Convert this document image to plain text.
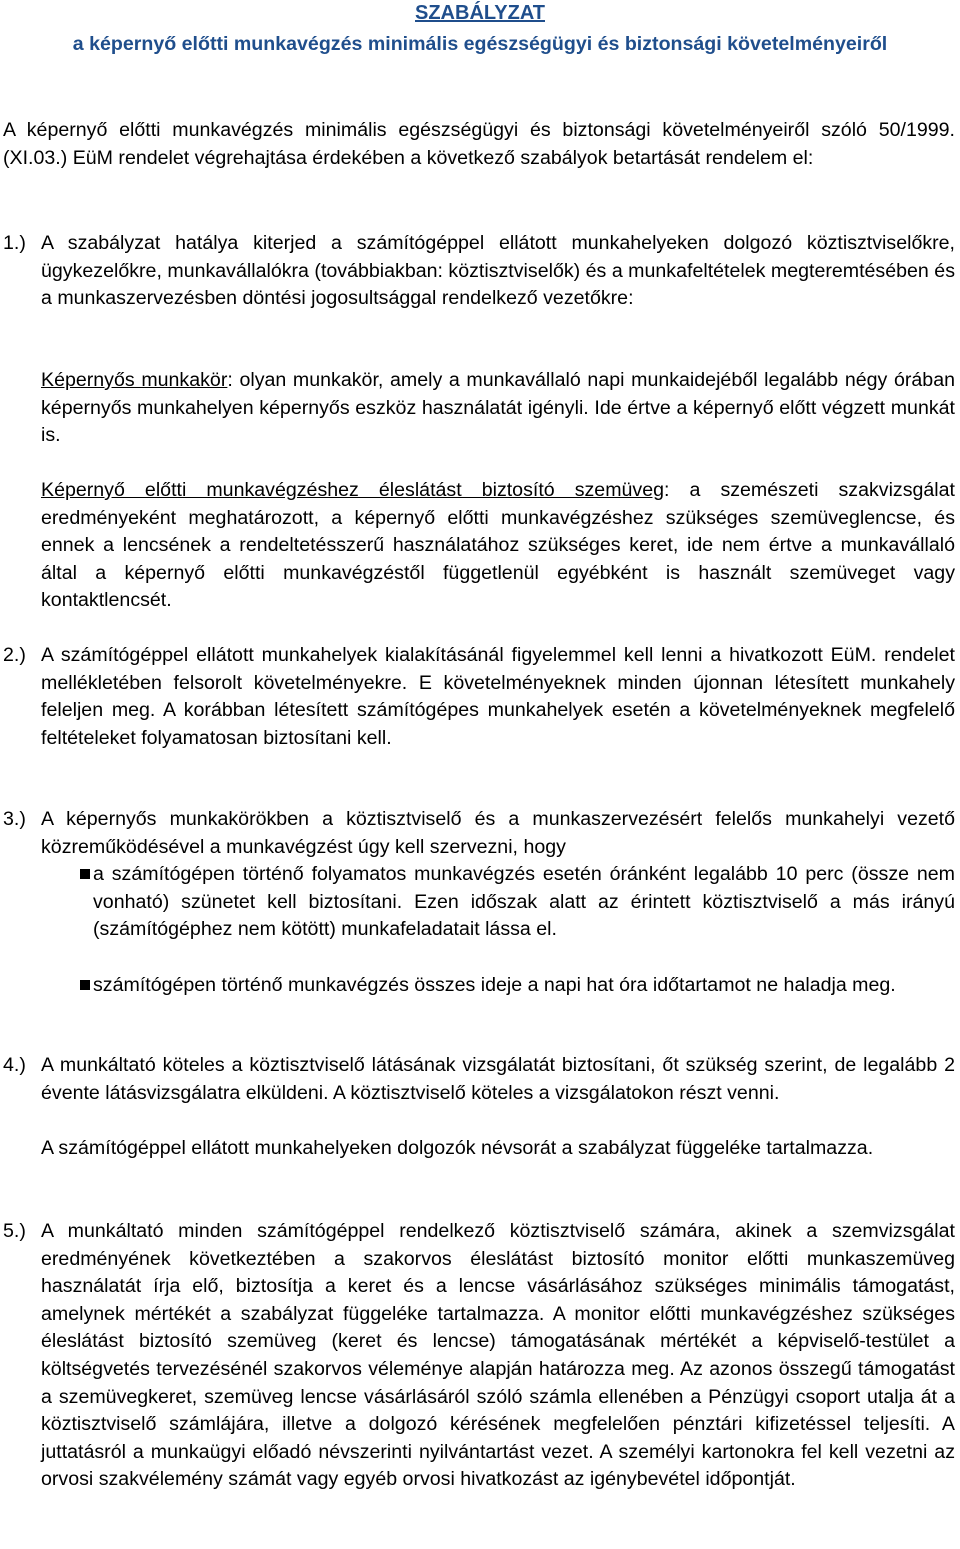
SZABÁLYZAT
a képernyő előtti munkavégzés minimális egészségügyi és biztonsági követelményeiről
A képernyő előtti munkavégzés minimális egészségügyi és biztonsági követelményeiről szóló 50/1999.(XI.03.) EüM rendelet végrehajtása érdekében a következő szabályok betartását rendelem el:
1.) A szabályzat hatálya kiterjed a számítógéppel ellátott munkahelyeken dolgozó köztisztviselőkre, ügykezelőkre, munkavállalókra (továbbiakban: köztisztviselők) és a munkafeltételek megteremtésében és a munkaszervezésben döntési jogosultsággal rendelkező vezetőkre:
Képernyős munkakör: olyan munkakör, amely a munkavállaló napi munkaidejéből legalább négy órában képernyős munkahelyen képernyős eszköz használatát igényli. Ide értve a képernyő előtt végzett munkát is.
Képernyő előtti munkavégzéshez éleslátást biztosító szemüveg: a szemészeti szakvizsgálat eredményeként meghatározott, a képernyő előtti munkavégzéshez szükséges szemüveglencse, és ennek a lencsének a rendeltetésszerű használatához szükséges keret, ide nem értve a munkavállaló által a képernyő előtti munkavégzéstől függetlenül egyébként is használt szemüveget vagy kontaktlencsét.
2.) A számítógéppel ellátott munkahelyek kialakításánál figyelemmel kell lenni a hivatkozott EüM. rendelet mellékletében felsorolt követelményekre. E követelményeknek minden újonnan létesített munkahely feleljen meg. A korábban létesített számítógépes munkahelyek esetén a követelményeknek megfelelő feltételeket folyamatosan biztosítani kell.
3.) A képernyős munkakörökben a köztisztviselő és a munkaszervezésért felelős munkahelyi vezető közreműködésével a munkavégzést úgy kell szervezni, hogy
a számítógépen történő folyamatos munkavégzés esetén óránként legalább 10 perc (össze nem vonható) szünetet kell biztosítani. Ezen időszak alatt az érintett köztisztviselő a más irányú (számítógéphez nem kötött) munkafeladatait lássa el.
számítógépen történő munkavégzés összes ideje a napi hat óra időtartamot ne haladja meg.
4.) A munkáltató köteles a köztisztviselő látásának vizsgálatát biztosítani, őt szükség szerint, de legalább 2 évente látásvizsgálatra elküldeni. A köztisztviselő köteles a vizsgálatokon részt venni.
A számítógéppel ellátott munkahelyeken dolgozók névsorát a szabályzat függeléke tartalmazza.
5.) A munkáltató minden számítógéppel rendelkező köztisztviselő számára, akinek a szemvizsgálat eredményének következtében a szakorvos éleslátást biztosító monitor előtti munkaszemüveg használatát írja elő, biztosítja a keret és a lencse vásárlásához szükséges minimális támogatást, amelynek mértékét a szabályzat függeléke tartalmazza. A monitor előtti munkavégzéshez szükséges éleslátást biztosító szemüveg (keret és lencse) támogatásának mértékét a képviselő-testület a költségvetés tervezésénél szakorvos véleménye alapján határozza meg. Az azonos összegű támogatást a szemüvegkeret, szemüveg lencse vásárlásáról szóló számla ellenében a Pénzügyi csoport utalja át a köztisztviselő számlájára, illetve a dolgozó kérésének megfelelően pénztári kifizetéssel teljesíti. A juttatásról a munkaügyi előadó névszerinti nyilvántartást vezet. A személyi kartonokra fel kell vezetni az orvosi szakvélemény számát vagy egyéb orvosi hivatkozást az igénybevétel időpontját.
